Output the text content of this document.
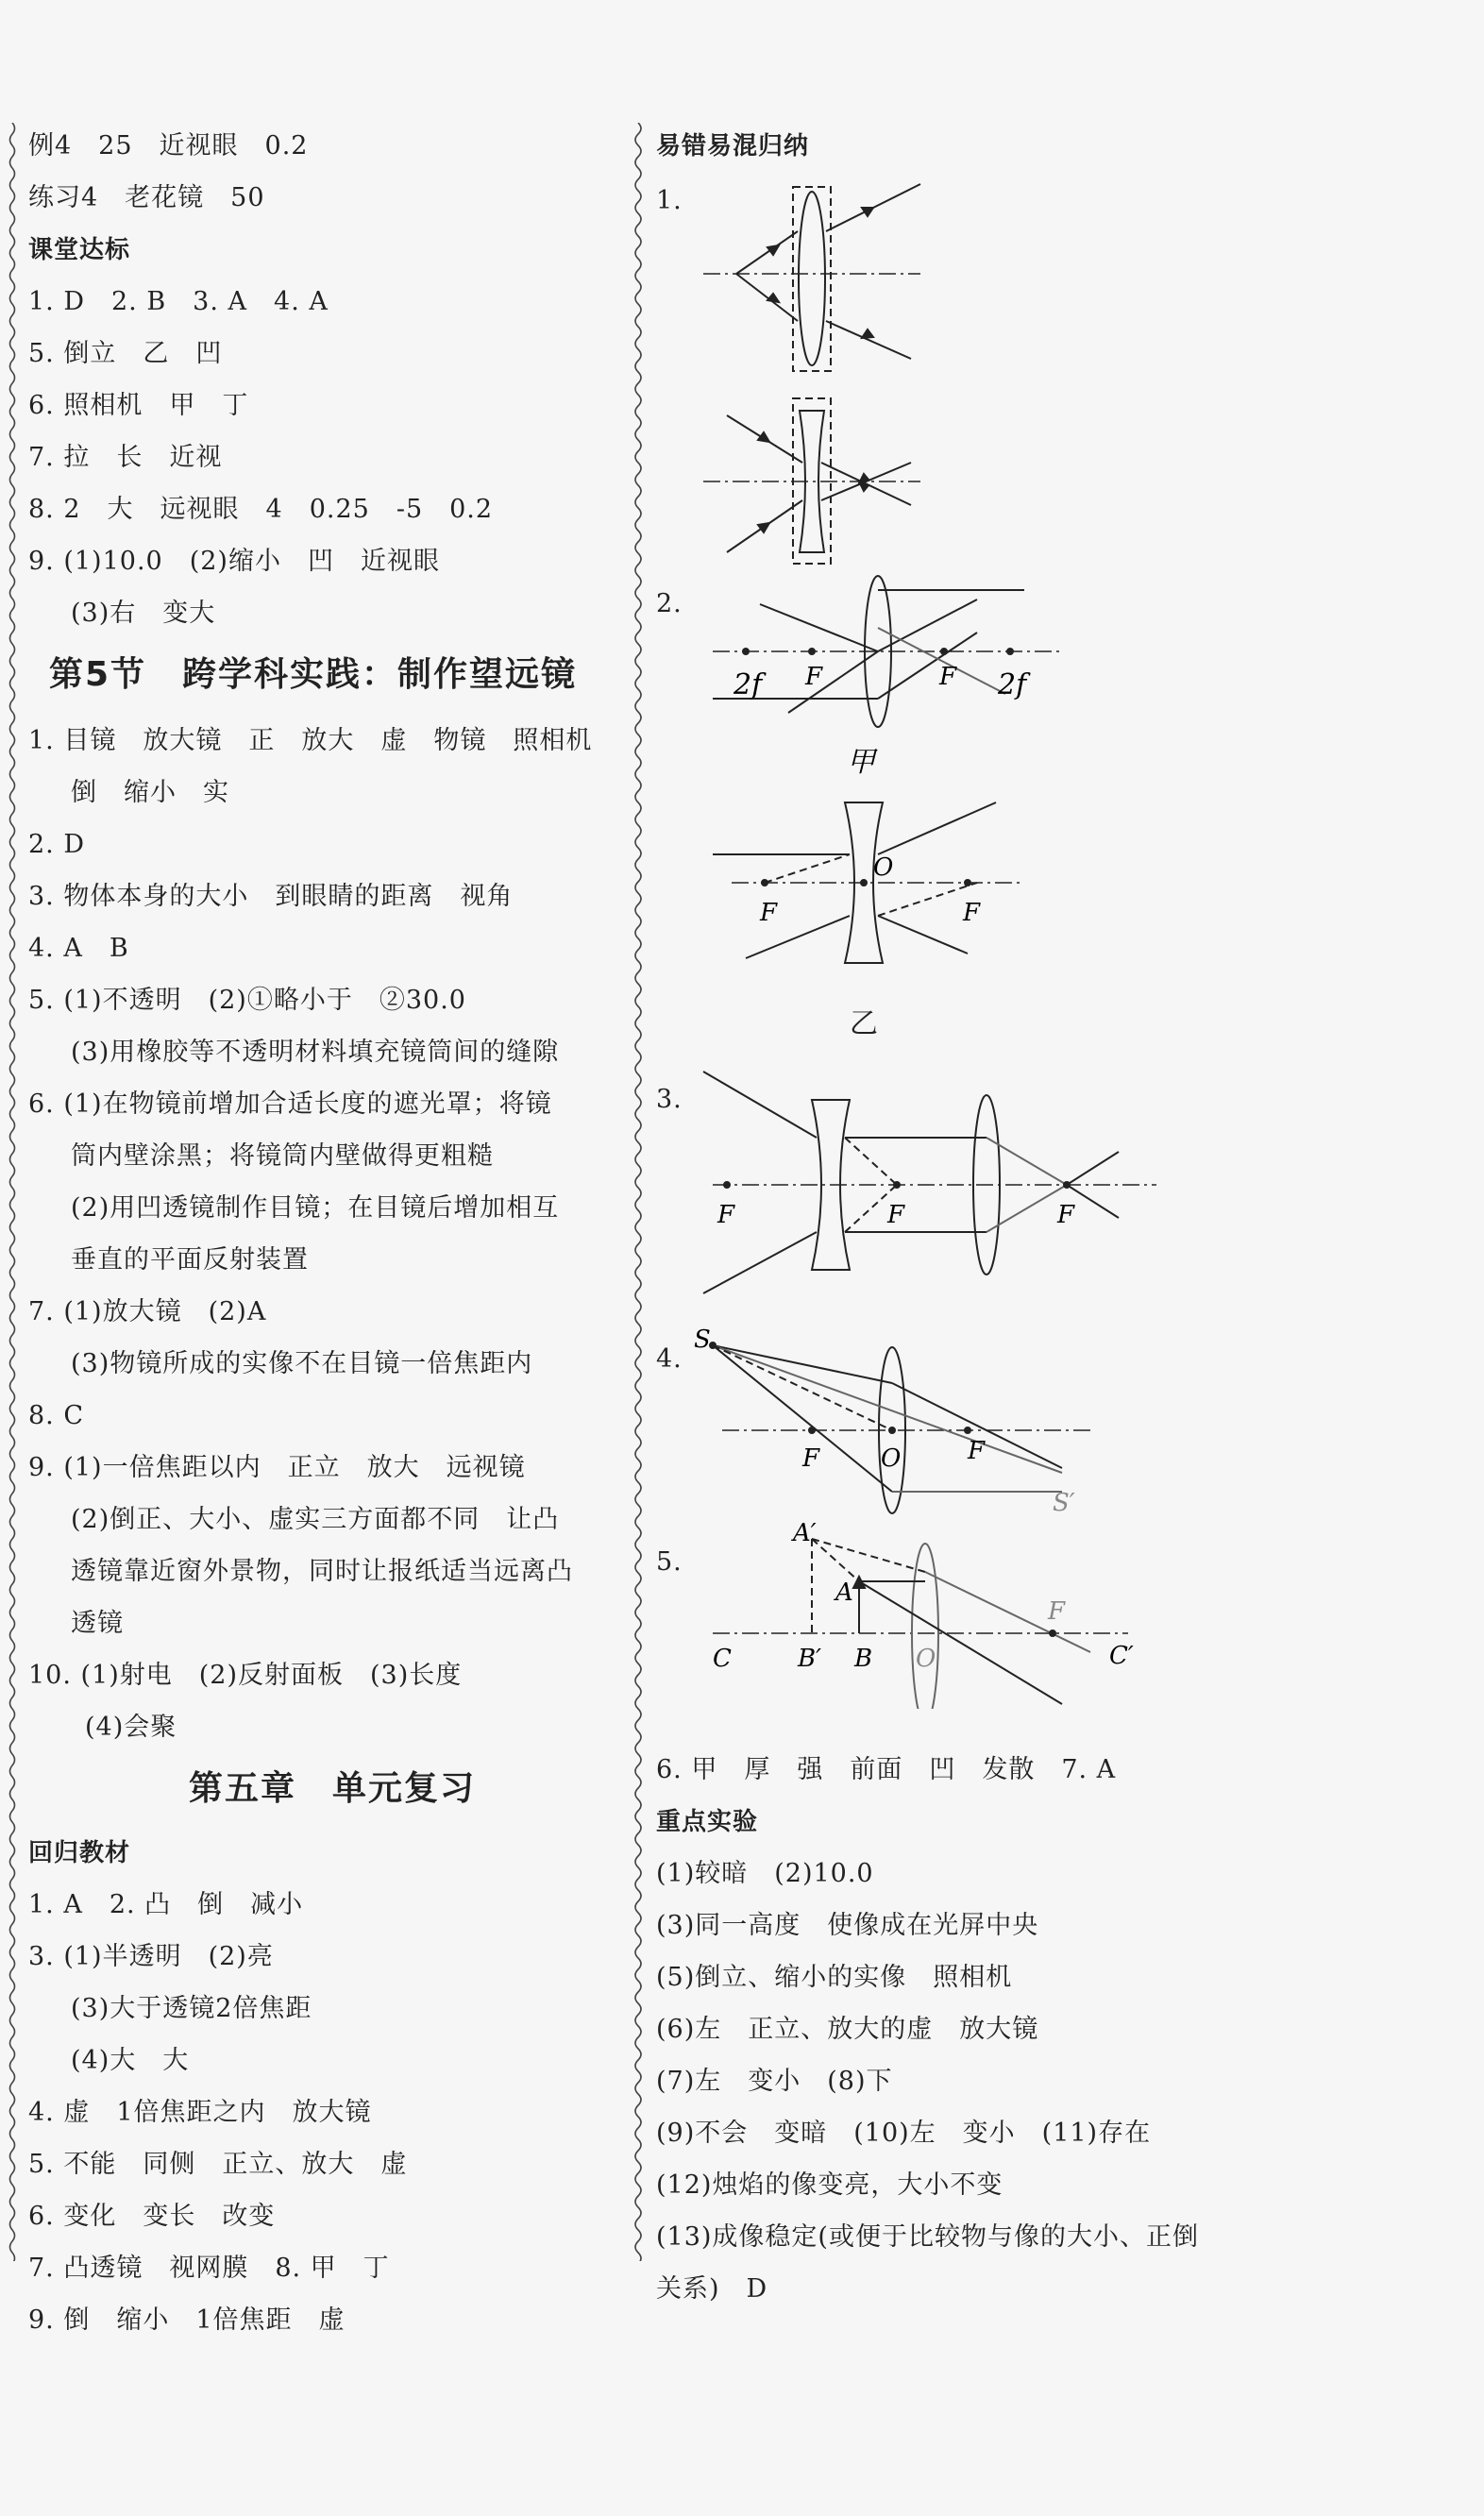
例4　25　近视眼　0.2
练习4　老花镜　50
课堂达标
1. D　2. B　3. A　4. A
5. 倒立　乙　凹
6. 照相机　甲　丁
7. 拉　长　近视
8. 2　大　远视眼　4　0.25　-5　0.2
9. (1)10.0　(2)缩小　凹　近视眼
(3)右　变大
第5节　跨学科实践：制作望远镜
1. 目镜　放大镜　正　放大　虚　物镜　照相机
倒　缩小　实
2. D
3. 物体本身的大小　到眼睛的距离　视角
4. A　B
5. (1)不透明　(2)①略小于　②30.0
(3)用橡胶等不透明材料填充镜筒间的缝隙
6. (1)在物镜前增加合适长度的遮光罩；将镜
筒内壁涂黑；将镜筒内壁做得更粗糙
(2)用凹透镜制作目镜；在目镜后增加相互
垂直的平面反射装置
7. (1)放大镜　(2)A
(3)物镜所成的实像不在目镜一倍焦距内
8. C
9. (1)一倍焦距以内　正立　放大　远视镜
(2)倒正、大小、虚实三方面都不同　让凸
透镜靠近窗外景物，同时让报纸适当远离凸
透镜
10. (1)射电　(2)反射面板　(3)长度
(4)会聚
第五章　单元复习
回归教材
1. A　2. 凸　倒　减小
3. (1)半透明　(2)亮
(3)大于透镜2倍焦距
(4)大　大
4. 虚　1倍焦距之内　放大镜
5. 不能　同侧　正立、放大　虚
6. 变化　变长　改变
7. 凸透镜　视网膜　8. 甲　丁
9. 倒　缩小　1倍焦距　虚
易错易混归纳
1.
2.
2f F	F 2f
甲
F
O
F
乙
3.
F	F	F
4.
S
F O	F
S′
5.
A′
A
C	B′ B O
F
C′
6. 甲　厚　强　前面　凹　发散　7. A
重点实验
(1)较暗　(2)10.0
(3)同一高度　使像成在光屏中央
(5)倒立、缩小的实像　照相机
(6)左　正立、放大的虚　放大镜
(7)左　变小　(8)下
(9)不会　变暗　(10)左　变小　(11)存在
(12)烛焰的像变亮，大小不变
(13)成像稳定(或便于比较物与像的大小、正倒
关系)　D
